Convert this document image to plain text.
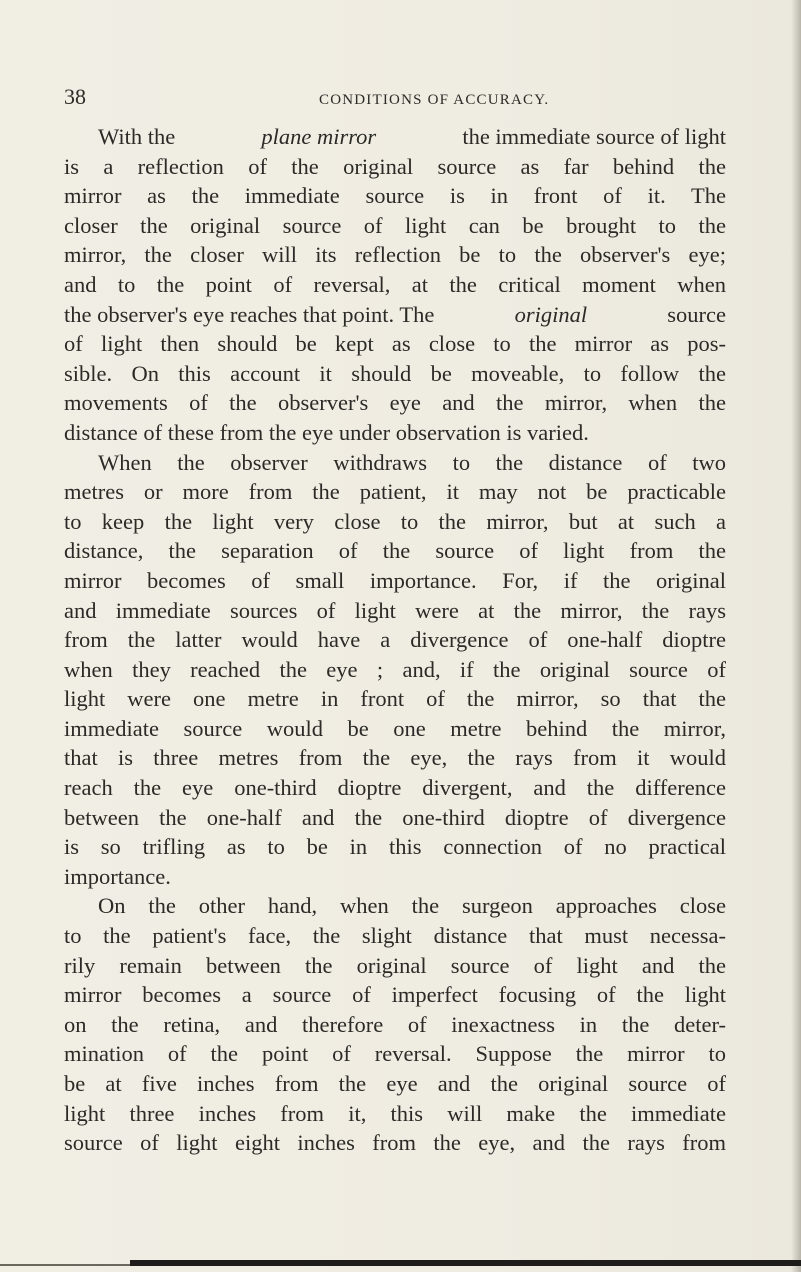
38	CONDITIONS OF ACCURACY.

With the	plane mirror	the immediate source of light
is a reflection of the original source as far behind the
mirror as the immediate source is in front of it. The
closer the original source of light can be brought to the
mirror, the closer will its reflection be to the observer's eye;
and to the point of reversal, at the critical moment when
the observer's eye reaches that point. The	original	source
of light then should be kept as close to the mirror as pos-
sible. On this account it should be moveable, to follow the
movements of the observer's eye and the mirror, when the
distance of these from the eye under observation is varied.

When the observer withdraws to the distance of two
metres or more from the patient, it may not be practicable
to keep the light very close to the mirror, but at such a
distance, the separation of the source of light from the
mirror becomes of small importance. For, if the original
and immediate sources of light were at the mirror, the rays
from the latter would have a divergence of one-half dioptre
when they reached the eye ; and, if the original source of
light were one metre in front of the mirror, so that the
immediate source would be one metre behind the mirror,
that is three metres from the eye, the rays from it would
reach the eye one-third dioptre divergent, and the difference
between the one-half and the one-third dioptre of divergence
is so trifling as to be in this connection of no practical
importance.

On the other hand, when the surgeon approaches close
to the patient's face, the slight distance that must necessa-
rily remain between the original source of light and the
mirror becomes a source of imperfect focusing of the light
on the retina, and therefore of inexactness in the deter-
mination of the point of reversal. Suppose the mirror to
be at five inches from the eye and the original source of
light three inches from it, this will make the immediate
source of light eight inches from the eye, and the rays from
